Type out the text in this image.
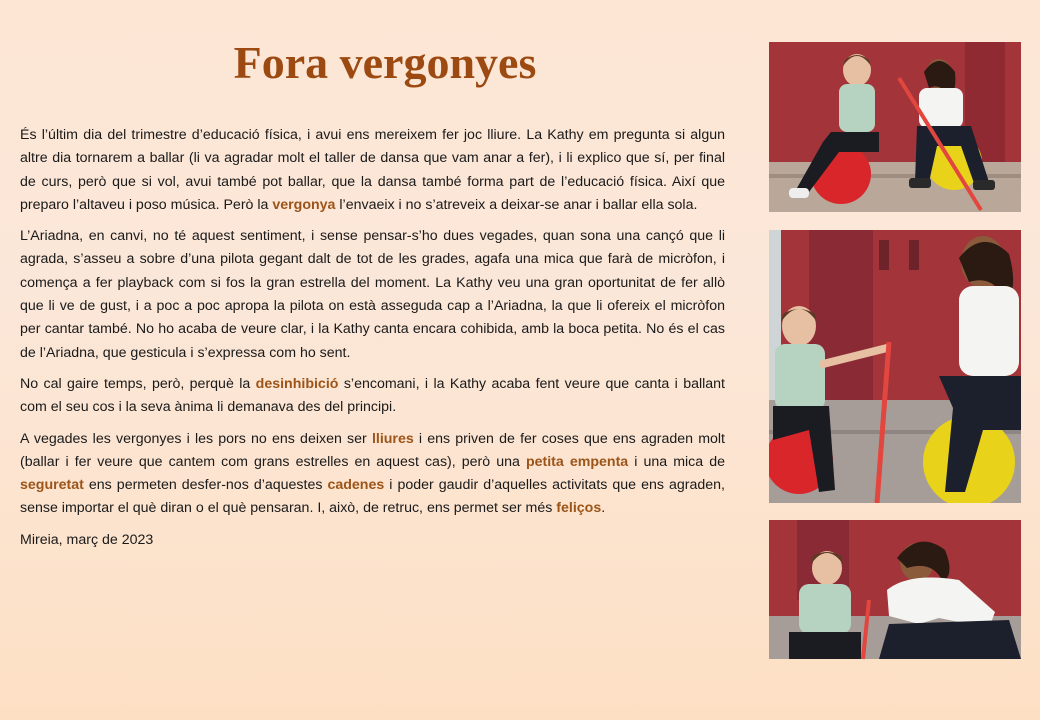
Fora vergonyes

És l’últim dia del trimestre d’educació física, i avui ens mereixem fer joc lliure. La Kathy em pregunta si algun altre dia tornarem a ballar (li va agradar molt el taller de dansa que vam anar a fer), i li explico que sí, per final de curs, però que si vol, avui també pot ballar, que la dansa també forma part de l’educació física. Així que preparo l’altaveu i poso música. Però la vergonya l’envaeix i no s’atreveix a deixar-se anar i ballar ella sola.

L’Ariadna, en canvi, no té aquest sentiment, i sense pensar-s’ho dues vegades, quan sona una cançó que li agrada, s’asseu a sobre d’una pilota gegant dalt de tot de les grades, agafa una mica que farà de micròfon, i comença a fer playback com si fos la gran estrella del moment. La Kathy veu una gran oportunitat de fer allò que li ve de gust, i a poc a poc apropa la pilota on està asseguda cap a l’Ariadna, la que li ofereix el micròfon per cantar també. No ho acaba de veure clar, i la Kathy canta encara cohibida, amb la boca petita. No és el cas de l’Ariadna, que gesticula i s’expressa com ho sent.

No cal gaire temps, però, perquè la desinhibició s’encomani, i la Kathy acaba fent veure que canta i ballant com el seu cos i la seva ànima li demanava des del principi.

A vegades les vergonyes i les pors no ens deixen ser lliures i ens priven de fer coses que ens agraden molt (ballar i fer veure que cantem com grans estrelles en aquest cas), però una petita empenta i una mica de seguretat ens permeten desfer-nos d’aquestes cadenes i poder gaudir d’aquelles activitats que ens agraden, sense importar el què diran o el què pensaran. I, això, de retruc, ens permet ser més feliços.

Mireia, març de 2023
